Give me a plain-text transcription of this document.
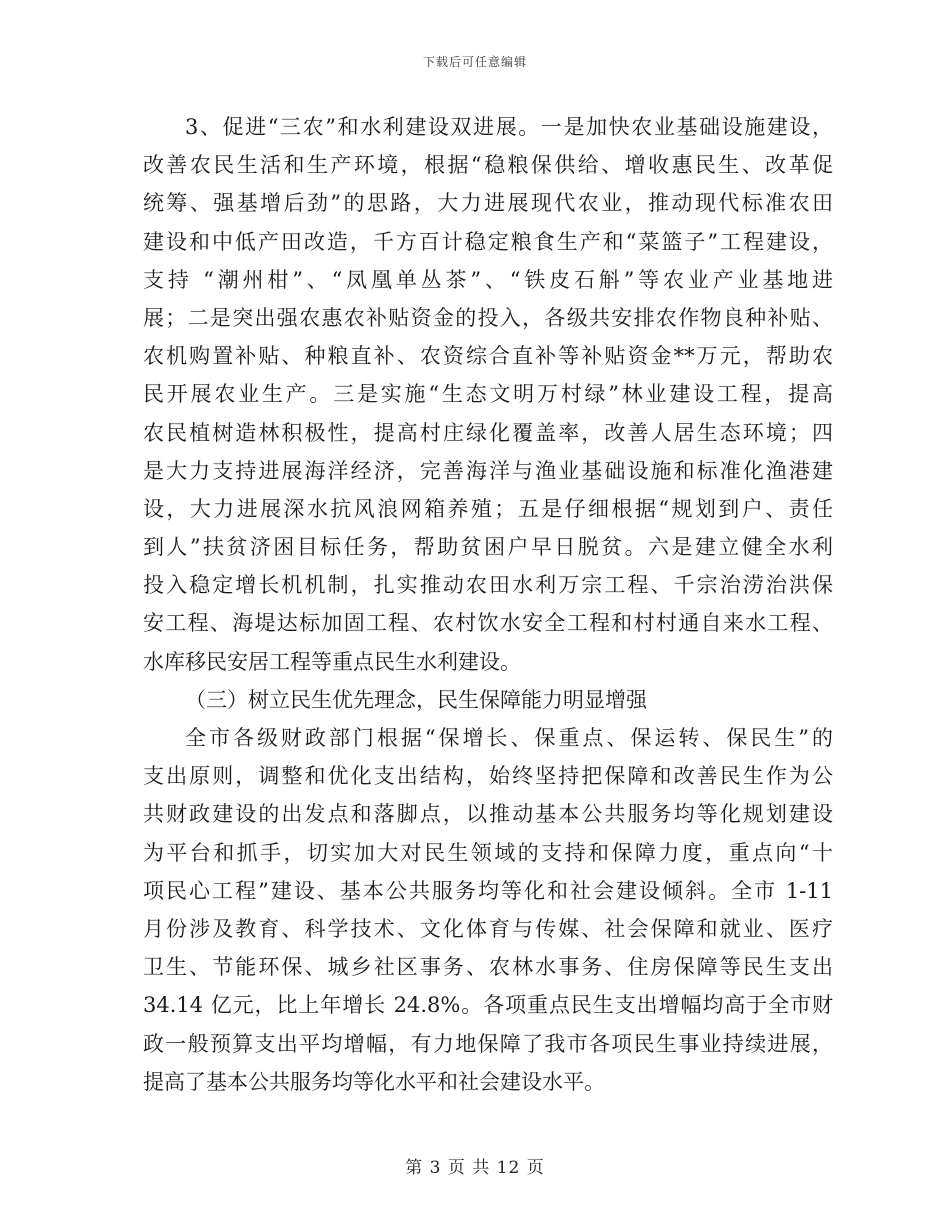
下载后可任意编辑
3、促进“三农”和水利建设双进展。一是加快农业基础设施建设，
改善农民生活和生产环境，根据“稳粮保供给、增收惠民生、改革促
统筹、强基增后劲”的思路，大力进展现代农业，推动现代标准农田
建设和中低产田改造，千方百计稳定粮食生产和“菜篮子”工程建设，
支持 “潮州柑”、“凤凰单丛茶”、“铁皮石斛”等农业产业基地进
展；二是突出强农惠农补贴资金的投入，各级共安排农作物良种补贴、
农机购置补贴、种粮直补、农资综合直补等补贴资金**万元，帮助农
民开展农业生产。三是实施“生态文明万村绿”林业建设工程，提高
农民植树造林积极性，提高村庄绿化覆盖率，改善人居生态环境；四
是大力支持进展海洋经济，完善海洋与渔业基础设施和标准化渔港建
设，大力进展深水抗风浪网箱养殖；五是仔细根据“规划到户、责任
到人”扶贫济困目标任务，帮助贫困户早日脱贫。六是建立健全水利
投入稳定增长机机制，扎实推动农田水利万宗工程、千宗治涝治洪保
安工程、海堤达标加固工程、农村饮水安全工程和村村通自来水工程、
水库移民安居工程等重点民生水利建设。
（三）树立民生优先理念，民生保障能力明显增强
全市各级财政部门根据“保增长、保重点、保运转、保民生”的
支出原则，调整和优化支出结构，始终坚持把保障和改善民生作为公
共财政建设的出发点和落脚点，以推动基本公共服务均等化规划建设
为平台和抓手，切实加大对民生领域的支持和保障力度，重点向“十
项民心工程”建设、基本公共服务均等化和社会建设倾斜。全市 1-11
月份涉及教育、科学技术、文化体育与传媒、社会保障和就业、医疗
卫生、节能环保、城乡社区事务、农林水事务、住房保障等民生支出
34.14 亿元，比上年增长 24.8%。各项重点民生支出增幅均高于全市财
政一般预算支出平均增幅，有力地保障了我市各项民生事业持续进展，
提高了基本公共服务均等化水平和社会建设水平。
第 3 页 共 12 页
